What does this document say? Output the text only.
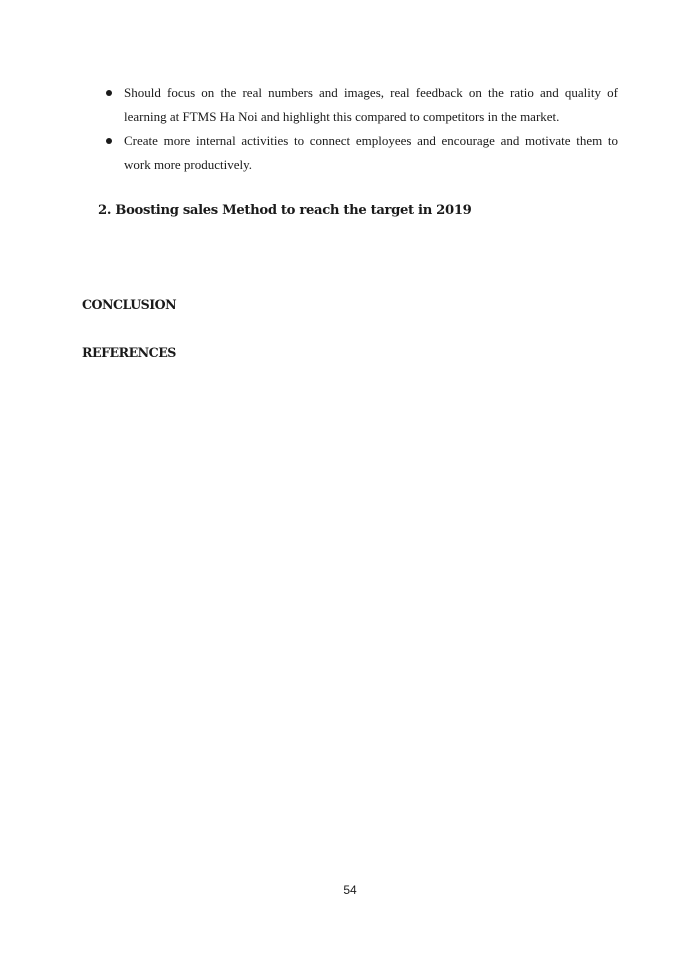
Should focus on the real numbers and images, real feedback on the ratio and quality of learning at FTMS Ha Noi and highlight this compared to competitors in the market.
Create more internal activities to connect employees and encourage and motivate them to work more productively.
2. Boosting sales Method to reach the target in 2019
CONCLUSION
REFERENCES
54
